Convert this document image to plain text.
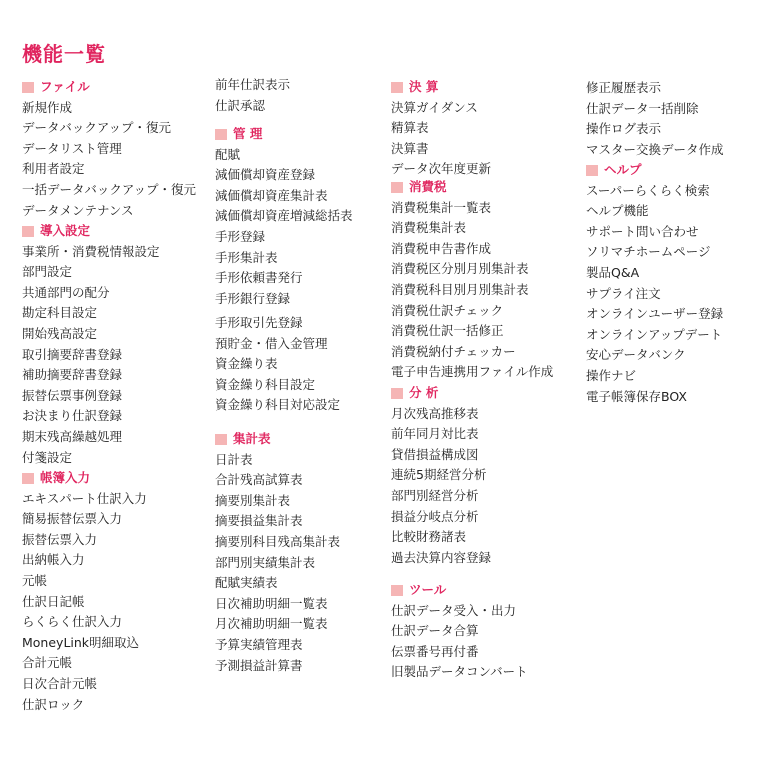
機能一覧
ファイル
新規作成
データバックアップ・復元
データリスト管理
利用者設定
一括データバックアップ・復元
データメンテナンス
導入設定
事業所・消費税情報設定
部門設定
共通部門の配分
勘定科目設定
開始残高設定
取引摘要辞書登録
補助摘要辞書登録
振替伝票事例登録
お決まり仕訳登録
期末残高繰越処理
付箋設定
帳簿入力
エキスパート仕訳入力
簡易振替伝票入力
振替伝票入力
出納帳入力
元帳
仕訳日記帳
らくらく仕訳入力
MoneyLink明細取込
合計元帳
日次合計元帳
仕訳ロック
前年仕訳表示
仕訳承認
管 理
配賦
減価償却資産登録
減価償却資産集計表
減価償却資産増減総括表
手形登録
手形集計表
手形依頼書発行
手形銀行登録
手形取引先登録
預貯金・借入金管理
資金繰り表
資金繰り科目設定
資金繰り科目対応設定
集計表
日計表
合計残高試算表
摘要別集計表
摘要損益集計表
摘要別科目残高集計表
部門別実績集計表
配賦実績表
日次補助明細一覧表
月次補助明細一覧表
予算実績管理表
予測損益計算書
決 算
決算ガイダンス
精算表
決算書
データ次年度更新
消費税
消費税集計一覧表
消費税集計表
消費税申告書作成
消費税区分別月別集計表
消費税科目別月別集計表
消費税仕訳チェック
消費税仕訳一括修正
消費税納付チェッカー
電子申告連携用ファイル作成
分 析
月次残高推移表
前年同月対比表
貸借損益構成図
連続5期経営分析
部門別経営分析
損益分岐点分析
比較財務諸表
過去決算内容登録
ツール
仕訳データ受入・出力
仕訳データ合算
伝票番号再付番
旧製品データコンバート
修正履歴表示
仕訳データ一括削除
操作ログ表示
マスター交換データ作成
ヘルプ
スーパーらくらく検索
ヘルプ機能
サポート問い合わせ
ソリマチホームページ
製品Q&A
サプライ注文
オンラインユーザー登録
オンラインアップデート
安心データバンク
操作ナビ
電子帳簿保存BOX
